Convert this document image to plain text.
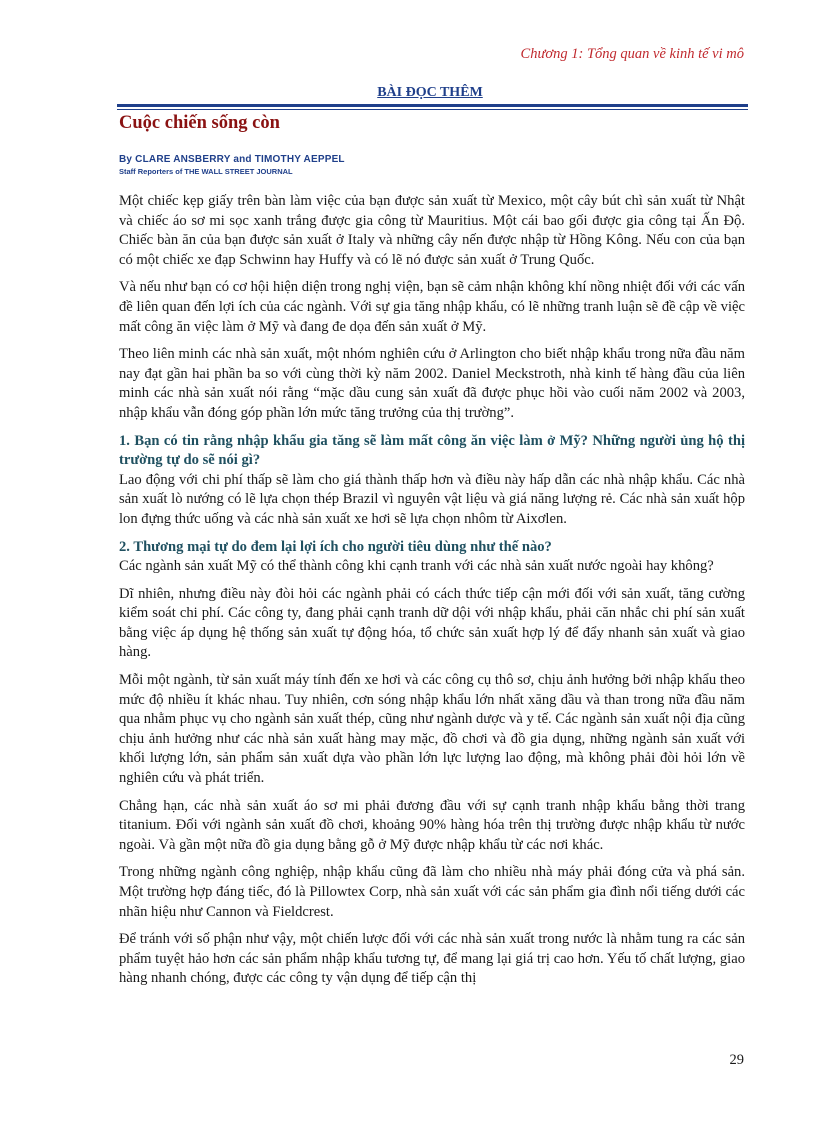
Chương 1: Tổng quan về kinh tế vi mô
BÀI ĐỌC THÊM
Cuộc chiến sống còn
By CLARE ANSBERRY and TIMOTHY AEPPEL
Staff Reporters of THE WALL STREET JOURNAL

Một chiếc kẹp giấy trên bàn làm việc của bạn được sản xuất từ Mexico, một cây bút chì sản xuất từ Nhật và chiếc áo sơ mi sọc xanh trắng được gia công từ Mauritius. Một cái bao gối được gia công tại Ấn Độ. Chiếc bàn ăn của bạn được sản xuất ở Italy và những cây nến được nhập từ Hồng Kông. Nếu con của bạn có một chiếc xe đạp Schwinn hay Huffy và có lẽ nó được sản xuất ở Trung Quốc.

Và nếu như bạn có cơ hội hiện diện trong nghị viện, bạn sẽ cảm nhận không khí nồng nhiệt đối với các vấn đề liên quan đến lợi ích của các ngành. Với sự gia tăng nhập khẩu, có lẽ những tranh luận sẽ đề cập về việc mất công ăn việc làm ở Mỹ và đang đe dọa đến sản xuất ở Mỹ.

Theo liên minh các nhà sản xuất, một nhóm nghiên cứu ở Arlington cho biết nhập khẩu trong nữa đầu năm nay đạt gần hai phần ba so với cùng thời kỳ năm 2002. Daniel Meckstroth, nhà kinh tế hàng đầu của liên minh các nhà sản xuất nói rằng “mặc dầu cung sản xuất đã được phục hồi vào cuối năm 2002 và 2003, nhập khẩu vẫn đóng góp phần lớn mức tăng trưởng của thị trường”.

1. Bạn có tin rằng nhập khẩu gia tăng sẽ làm mất công ăn việc làm ở Mỹ? Những người ủng hộ thị trường tự do sẽ nói gì?

Lao động với chi phí thấp sẽ làm cho giá thành thấp hơn và điều này hấp dẫn các nhà nhập khẩu. Các nhà sản xuất lò nướng có lẽ lựa chọn thép Brazil vì nguyên vật liệu và giá năng lượng rẻ. Các nhà sản xuất hộp lon đựng thức uống và các nhà sản xuất xe hơi sẽ lựa chọn nhôm từ Aixơlen.

2. Thương mại tự do đem lại lợi ích cho người tiêu dùng như thế nào?

Các ngành sản xuất Mỹ có thể thành công khi cạnh tranh với các nhà sản xuất nước ngoài hay không?

Dĩ nhiên, nhưng điều này đòi hỏi các ngành phải có cách thức tiếp cận mới đối với sản xuất, tăng cường kiểm soát chi phí. Các công ty, đang phải cạnh tranh dữ dội với nhập khẩu, phải căn nhắc chi phí sản xuất bằng việc áp dụng hệ thống sản xuất tự động hóa, tổ chức sản xuất hợp lý để đẩy nhanh sản xuất và giao hàng.

Mỗi một ngành, từ sản xuất máy tính đến xe hơi và các công cụ thô sơ, chịu ảnh hưởng bởi nhập khẩu theo mức độ nhiều ít khác nhau. Tuy nhiên, cơn sóng nhập khẩu lớn nhất xăng dầu và than trong nữa đầu năm qua nhằm phục vụ cho ngành sản xuất thép, cũng như ngành dược và y tế. Các ngành sản xuất nội địa cũng chịu ảnh hưởng như các nhà sản xuất hàng may mặc, đồ chơi và đồ gia dụng, những ngành sản xuất với khối lượng lớn, sản phẩm sản xuất dựa vào phần lớn lực lượng lao động, mà không phải đòi hỏi lớn về nghiên cứu và phát triển.

Chẳng hạn, các nhà sản xuất áo sơ mi phải đương đầu với sự cạnh tranh nhập khẩu bằng thời trang titanium. Đối với ngành sản xuất đồ chơi, khoảng 90% hàng hóa trên thị trường được nhập khẩu từ nước ngoài. Và gần một nữa đồ gia dụng bằng gỗ ở Mỹ được nhập khẩu từ các nơi khác.

Trong những ngành công nghiệp, nhập khẩu cũng đã làm cho nhiều nhà máy phải đóng cửa và phá sản. Một trường hợp đáng tiếc, đó là Pillowtex Corp, nhà sản xuất với các sản phẩm gia đình nổi tiếng dưới các nhãn hiệu như Cannon và Fieldcrest.

Để tránh với số phận như vậy, một chiến lược đối với các nhà sản xuất trong nước là nhằm tung ra các sản phẩm tuyệt hảo hơn các sản phẩm nhập khẩu tương tự, để mang lại giá trị cao hơn. Yếu tố chất lượng, giao hàng nhanh chóng, được các công ty vận dụng để tiếp cận thị

29
